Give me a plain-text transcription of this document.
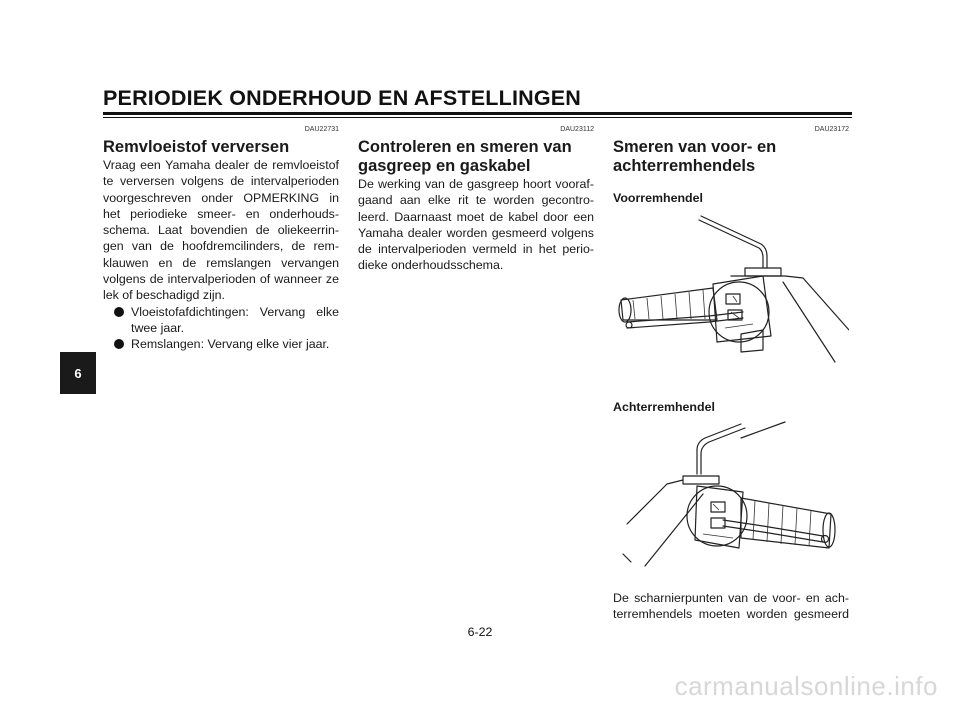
PERIODIEK ONDERHOUD EN AFSTELLINGEN
6
DAU22731
Remvloeistof verversen

Vraag een Yamaha dealer de remvloeistof te verversen volgens de intervalperioden voorgeschreven onder OPMERKING in het periodieke smeer- en onderhouds-schema. Laat bovendien de oliekeerrin-gen van de hoofdremcilinders, de rem-klauwen en de remslangen vervangen volgens de intervalperioden of wanneer ze lek of beschadigd zijn.

Vloeistofafdichtingen: Vervang elke twee jaar.
Remslangen: Vervang elke vier jaar.
DAU23112
Controleren en smeren van gasgreep en gaskabel

De werking van de gasgreep hoort vooraf-gaand aan elke rit te worden gecontro-leerd. Daarnaast moet de kabel door een Yamaha dealer worden gesmeerd volgens de intervalperioden vermeld in het perio-dieke onderhoudsschema.

DAU23172
Smeren van voor- en achterremhendels
Voorremhendel
Achterremhendel

De scharnierpunten van de voor- en ach-terremhendels moeten worden gesmeerd

6-22
carmanualsonline.info
